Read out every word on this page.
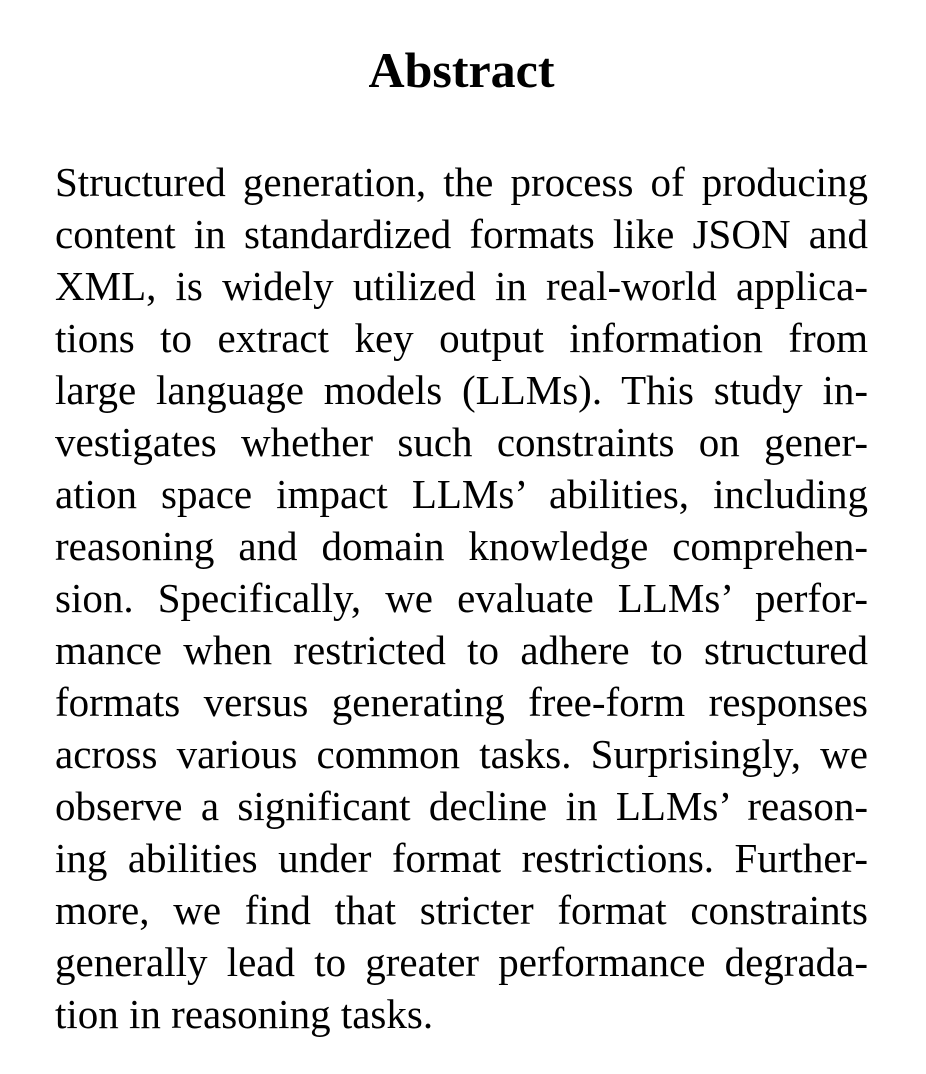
Abstract
Structured generation, the process of producing
content in standardized formats like JSON and
XML, is widely utilized in real-world applica-
tions to extract key output information from
large language models (LLMs). This study in-
vestigates whether such constraints on gener-
ation space impact LLMs’ abilities, including
reasoning and domain knowledge comprehen-
sion. Specifically, we evaluate LLMs’ perfor-
mance when restricted to adhere to structured
formats versus generating free-form responses
across various common tasks. Surprisingly, we
observe a significant decline in LLMs’ reason-
ing abilities under format restrictions. Further-
more, we find that stricter format constraints
generally lead to greater performance degrada-
tion in reasoning tasks.
